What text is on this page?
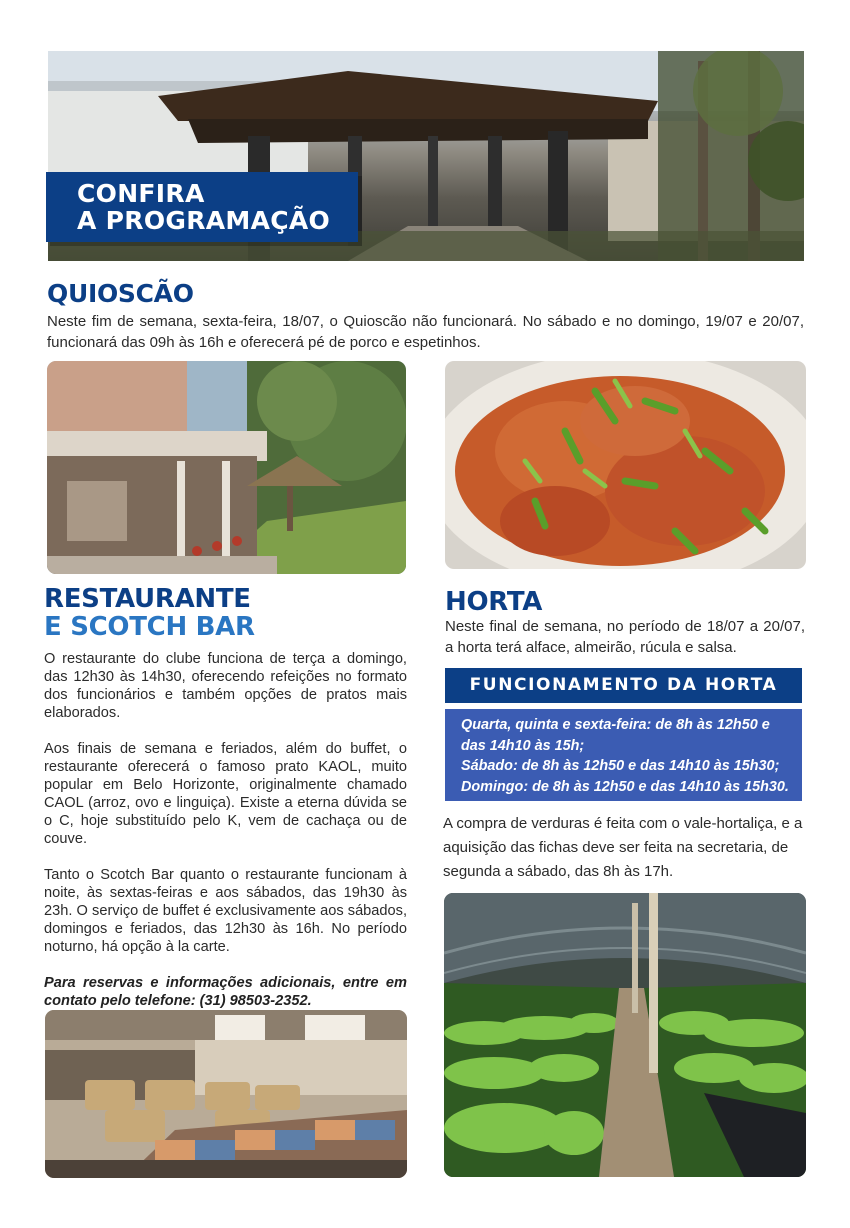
CONFIRA
A PROGRAMAÇÃO
QUIOSCÃO
Neste fim de semana, sexta-feira, 18/07, o Quioscão não funcionará. No sábado e no domingo, 19/07 e 20/07, funcionará das 09h às 16h e oferecerá pé de porco e espetinhos.
RESTAURANTE
E SCOTCH BAR

O restaurante do clube funciona de terça a domingo, das 12h30 às 14h30, oferecendo refeições no formato dos funcionários e também opções de pratos mais elaborados.

Aos finais de semana e feriados, além do buffet, o restaurante oferecerá o famoso prato KAOL, muito popular em Belo Horizonte, originalmente chamado CAOL (arroz, ovo e linguiça). Existe a eterna dúvida se o C, hoje substituído pelo K, vem de cachaça ou de couve.

Tanto o Scotch Bar quanto o restaurante funcionam à noite, às sextas-feiras e aos sábados, das 19h30 às 23h. O serviço de buffet é exclusivamente aos sábados, domingos e feriados, das 12h30 às 16h. No período noturno, há opção à la carte.

Para reservas e informações adicionais, entre em contato pelo telefone: (31) 98503-2352.

HORTA
Neste final de semana, no período de 18/07 a 20/07, a horta terá alface, almeirão, rúcula e salsa.
FUNCIONAMENTO DA HORTA
Quarta, quinta e sexta-feira: de 8h às 12h50 e das 14h10 às 15h;
Sábado: de 8h às 12h50 e das 14h10 às 15h30;
Domingo: de 8h às 12h50 e das 14h10 às 15h30.
A compra de verduras é feita com o vale-hortaliça, e a aquisição das fichas deve ser feita na secretaria, de segunda a sábado, das 8h às 17h.
